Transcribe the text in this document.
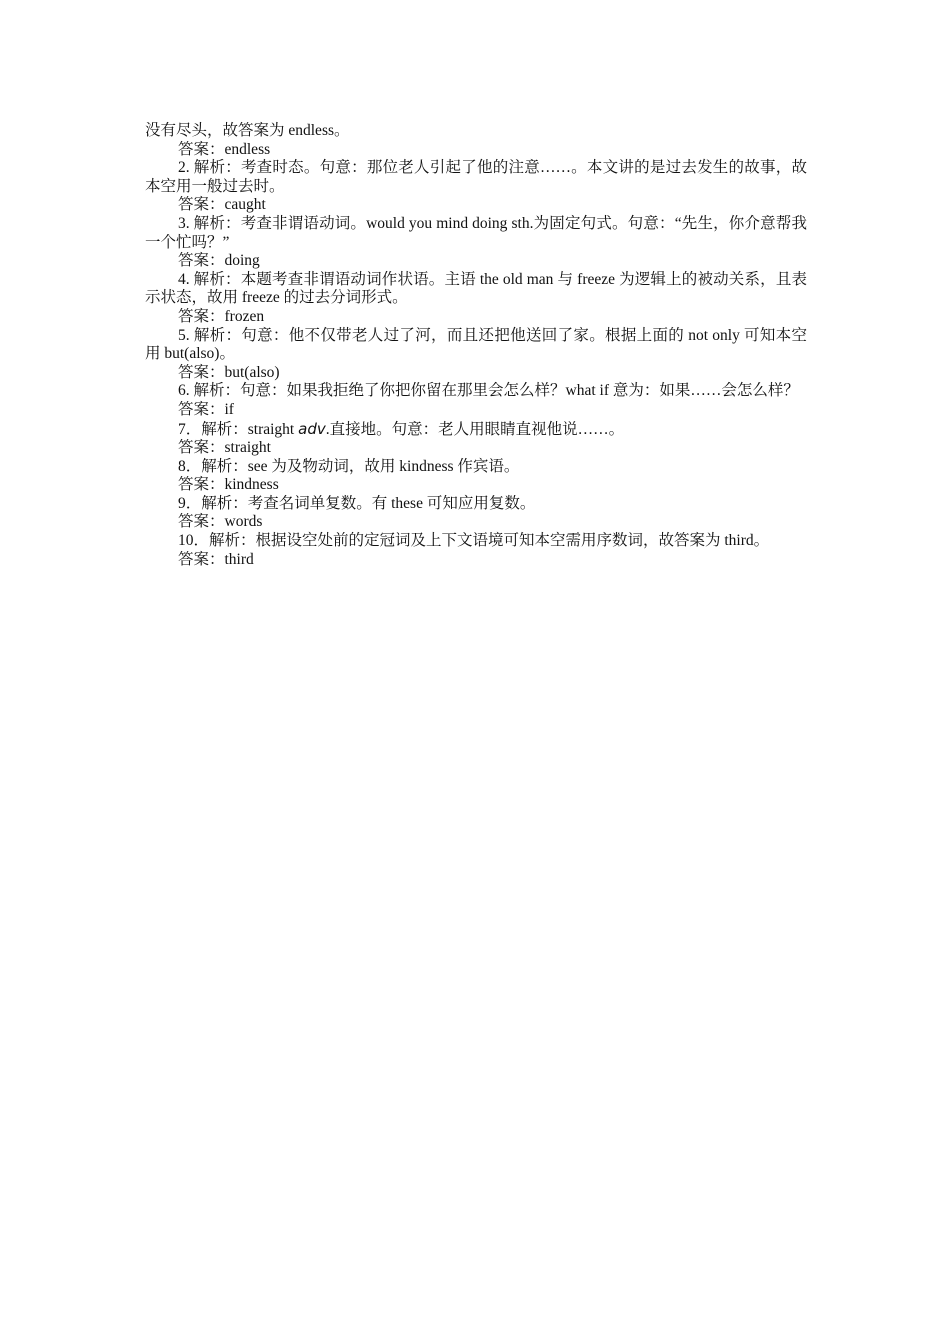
没有尽头，故答案为 endless。

答案：endless

2. 解析：考查时态。句意：那位老人引起了他的注意……。本文讲的是过去发生的故事，故本空用一般过去时。

答案：caught

3. 解析：考查非谓语动词。would you mind doing sth.为固定句式。句意：“先生，你介意帮我一个忙吗？”

答案：doing

4. 解析：本题考查非谓语动词作状语。主语 the old man 与 freeze 为逻辑上的被动关系，且表示状态，故用 freeze 的过去分词形式。

答案：frozen

5. 解析：句意：他不仅带老人过了河，而且还把他送回了家。根据上面的 not only 可知本空用 but(also)。

答案：but(also)

6. 解析：句意：如果我拒绝了你把你留在那里会怎么样？what if 意为：如果……会怎么样？

答案：if

7．解析：straight adv.直接地。句意：老人用眼睛直视他说……。

答案：straight

8．解析：see 为及物动词，故用 kindness 作宾语。

答案：kindness

9．解析：考查名词单复数。有 these 可知应用复数。

答案：words

10．解析：根据设空处前的定冠词及上下文语境可知本空需用序数词，故答案为 third。

答案：third
